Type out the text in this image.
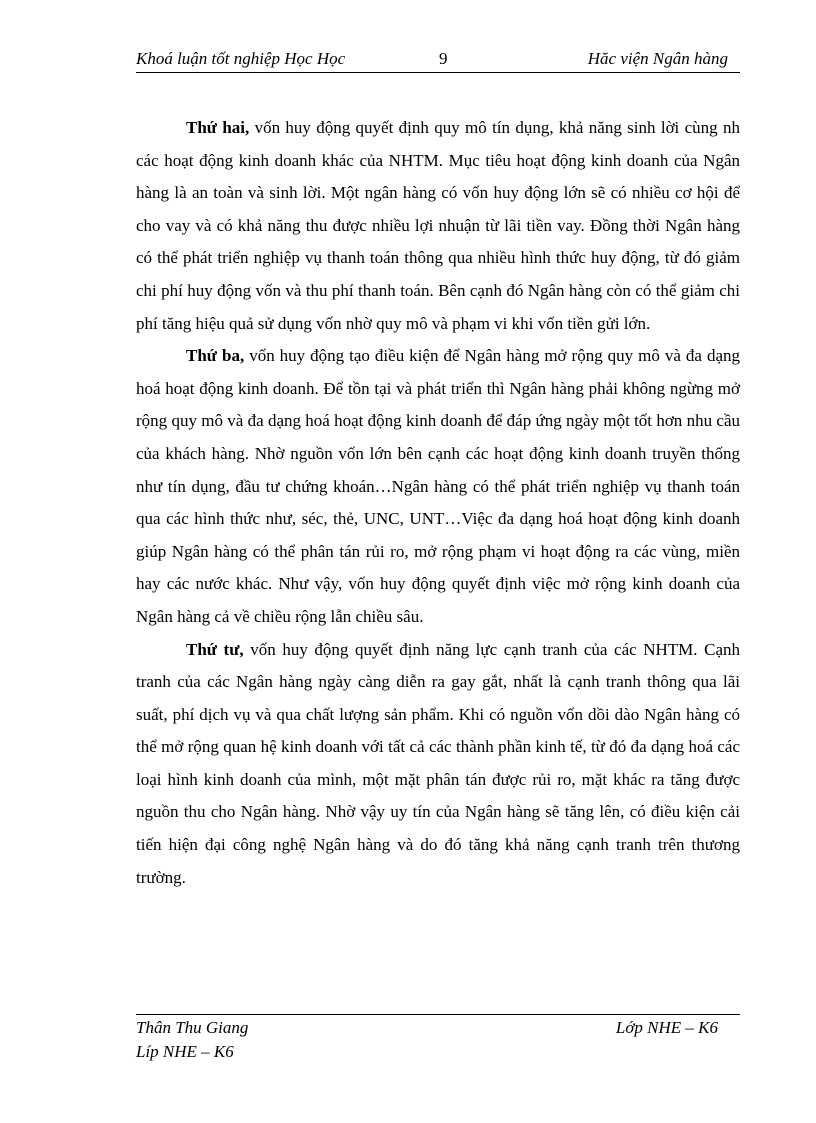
Khoá luận tốt nghiệp Học Học	9	Hăc viện Ngân hàng

Thứ hai, vốn huy động quyết định quy mô tín dụng, khả năng sinh lời cùng nh các hoạt động kinh doanh khác của NHTM. Mục tiêu hoạt động kinh doanh của Ngân hàng là an toàn và sinh lời. Một ngân hàng có vốn huy động lớn sẽ có nhiều cơ hội để cho vay và có khả năng thu được nhiều lợi nhuận từ lãi tiền vay. Đồng thời Ngân hàng có thể phát triển nghiệp vụ thanh toán thông qua nhiều hình thức huy động, từ đó giảm chi phí huy động vốn và thu phí thanh toán. Bên cạnh đó Ngân hàng còn có thể giảm chi phí tăng hiệu quả sử dụng vốn nhờ quy mô và phạm vi khi vốn tiền gửi lớn.

Thứ ba, vốn huy động tạo điều kiện để Ngân hàng mở rộng quy mô và đa dạng hoá hoạt động kinh doanh. Để tồn tại và phát triển thì Ngân hàng phải không ngừng mở rộng quy mô và đa dạng hoá hoạt động kinh doanh để đáp ứng ngày một tốt hơn nhu cầu của khách hàng. Nhờ nguồn vốn lớn bên cạnh các hoạt động kinh doanh truyền thống như tín dụng, đầu tư chứng khoán…Ngân hàng có thể phát triển nghiệp vụ thanh toán qua các hình thức như, séc, thẻ, UNC, UNT…Việc đa dạng hoá hoạt động kinh doanh giúp Ngân hàng có thể phân tán rủi ro, mở rộng phạm vi hoạt động ra các vùng, miền hay các nước khác. Như vậy, vốn huy động quyết định việc mở rộng kinh doanh của Ngân hàng cả về chiều rộng lẫn chiều sâu.

Thứ tư, vốn huy động quyết định năng lực cạnh tranh của các NHTM. Cạnh tranh của các Ngân hàng ngày càng diễn ra gay gắt, nhất là cạnh tranh thông qua lãi suất, phí dịch vụ và qua chất lượng sản phẩm. Khi có nguồn vốn dồi dào Ngân hàng có thể mở rộng quan hệ kinh doanh với tất cả các thành phần kinh tế, từ đó đa dạng hoá các loại hình kinh doanh của mình, một mặt phân tán được rủi ro, mặt khác ra tăng được nguồn thu cho Ngân hàng. Nhờ vậy uy tín của Ngân hàng sẽ tăng lên, có điều kiện cải tiến hiện đại công nghệ Ngân hàng và do đó tăng khả năng cạnh tranh trên thương trường.

Thân Thu Giang
Líp NHE – K6
Lớp NHE – K6
